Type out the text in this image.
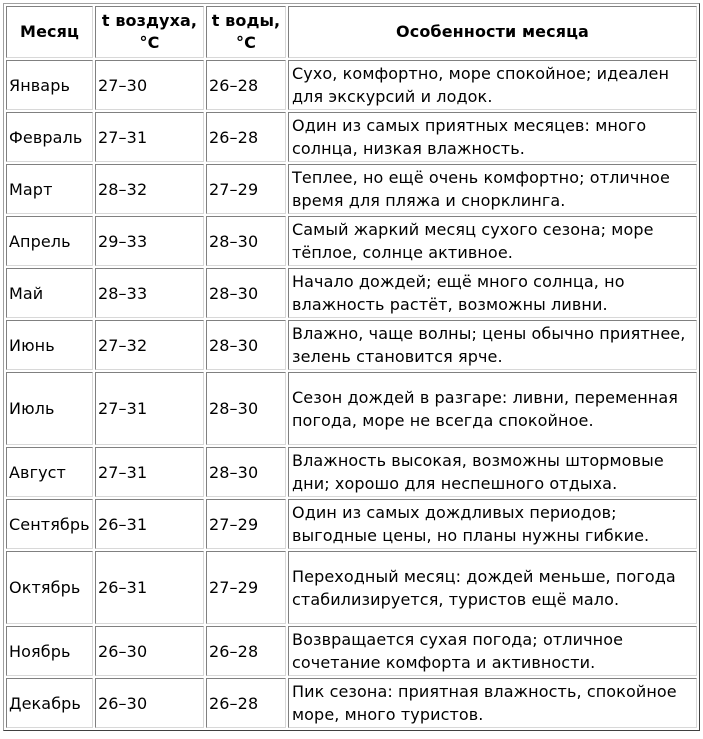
Месяц	t воздуха, °C	t воды, °C	Особенности месяца
Январь	27–30	26–28	Сухо, комфортно, море спокойное; идеален для экскурсий и лодок.
Февраль	27–31	26–28	Один из самых приятных месяцев: много солнца, низкая влажность.
Март	28–32	27–29	Теплее, но ещё очень комфортно; отличное время для пляжа и снорклинга.
Апрель	29–33	28–30	Самый жаркий месяц сухого сезона; море тёплое, солнце активное.
Май	28–33	28–30	Начало дождей; ещё много солнца, но влажность растёт, возможны ливни.
Июнь	27–32	28–30	Влажно, чаще волны; цены обычно приятнее, зелень становится ярче.
Июль	27–31	28–30	Сезон дождей в разгаре: ливни, переменная погода, море не всегда спокойное.
Август	27–31	28–30	Влажность высокая, возможны штормовые дни; хорошо для неспешного отдыха.
Сентябрь	26–31	27–29	Один из самых дождливых периодов; выгодные цены, но планы нужны гибкие.
Октябрь	26–31	27–29	Переходный месяц: дождей меньше, погода стабилизируется, туристов ещё мало.
Ноябрь	26–30	26–28	Возвращается сухая погода; отличное сочетание комфорта и активности.
Декабрь	26–30	26–28	Пик сезона: приятная влажность, спокойное море, много туристов.
